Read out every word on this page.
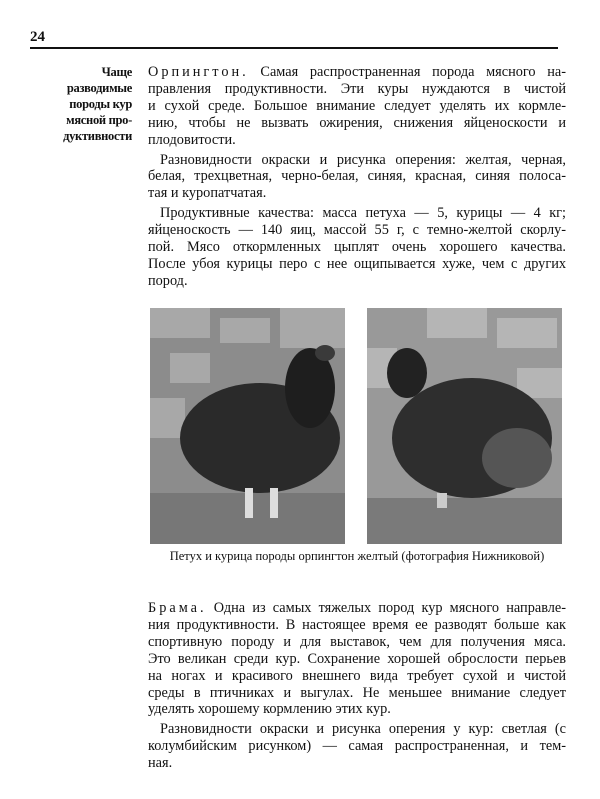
24
Чаще
разводимые
породы кур
мясной про-
дуктивности
Орпингтон. Самая распространенная порода мясного на-
правления продуктивности. Эти куры нуждаются в чистой
и сухой среде. Большое внимание следует уделять их кормле-
нию, чтобы не вызвать ожирения, снижения яйценоскости и
плодовитости.
Разновидности окраски и рисунка оперения: желтая, черная,
белая, трехцветная, черно-белая, синяя, красная, синяя полоса-
тая и куропатчатая.
Продуктивные качества: масса петуха — 5, курицы — 4 кг;
яйценоскость — 140 яиц, массой 55 г, с темно-желтой скорлу-
пой. Мясо откормленных цыплят очень хорошего качества.
После убоя курицы перо с нее ощипывается хуже, чем с других
пород.
Петух и курица породы орпингтон желтый (фотография Нижниковой)
Брама. Одна из самых тяжелых пород кур мясного направле-
ния продуктивности. В настоящее время ее разводят больше как
спортивную породу и для выставок, чем для получения мяса.
Это великан среди кур. Сохранение хорошей оброслости перьев
на ногах и красивого внешнего вида требует сухой и чистой
среды в птичниках и выгулах. Не меньшее внимание следует
уделять хорошему кормлению этих кур.
Разновидности окраски и рисунка оперения у кур: светлая (с
колумбийским рисунком) — самая распространенная, и тем-
ная.
